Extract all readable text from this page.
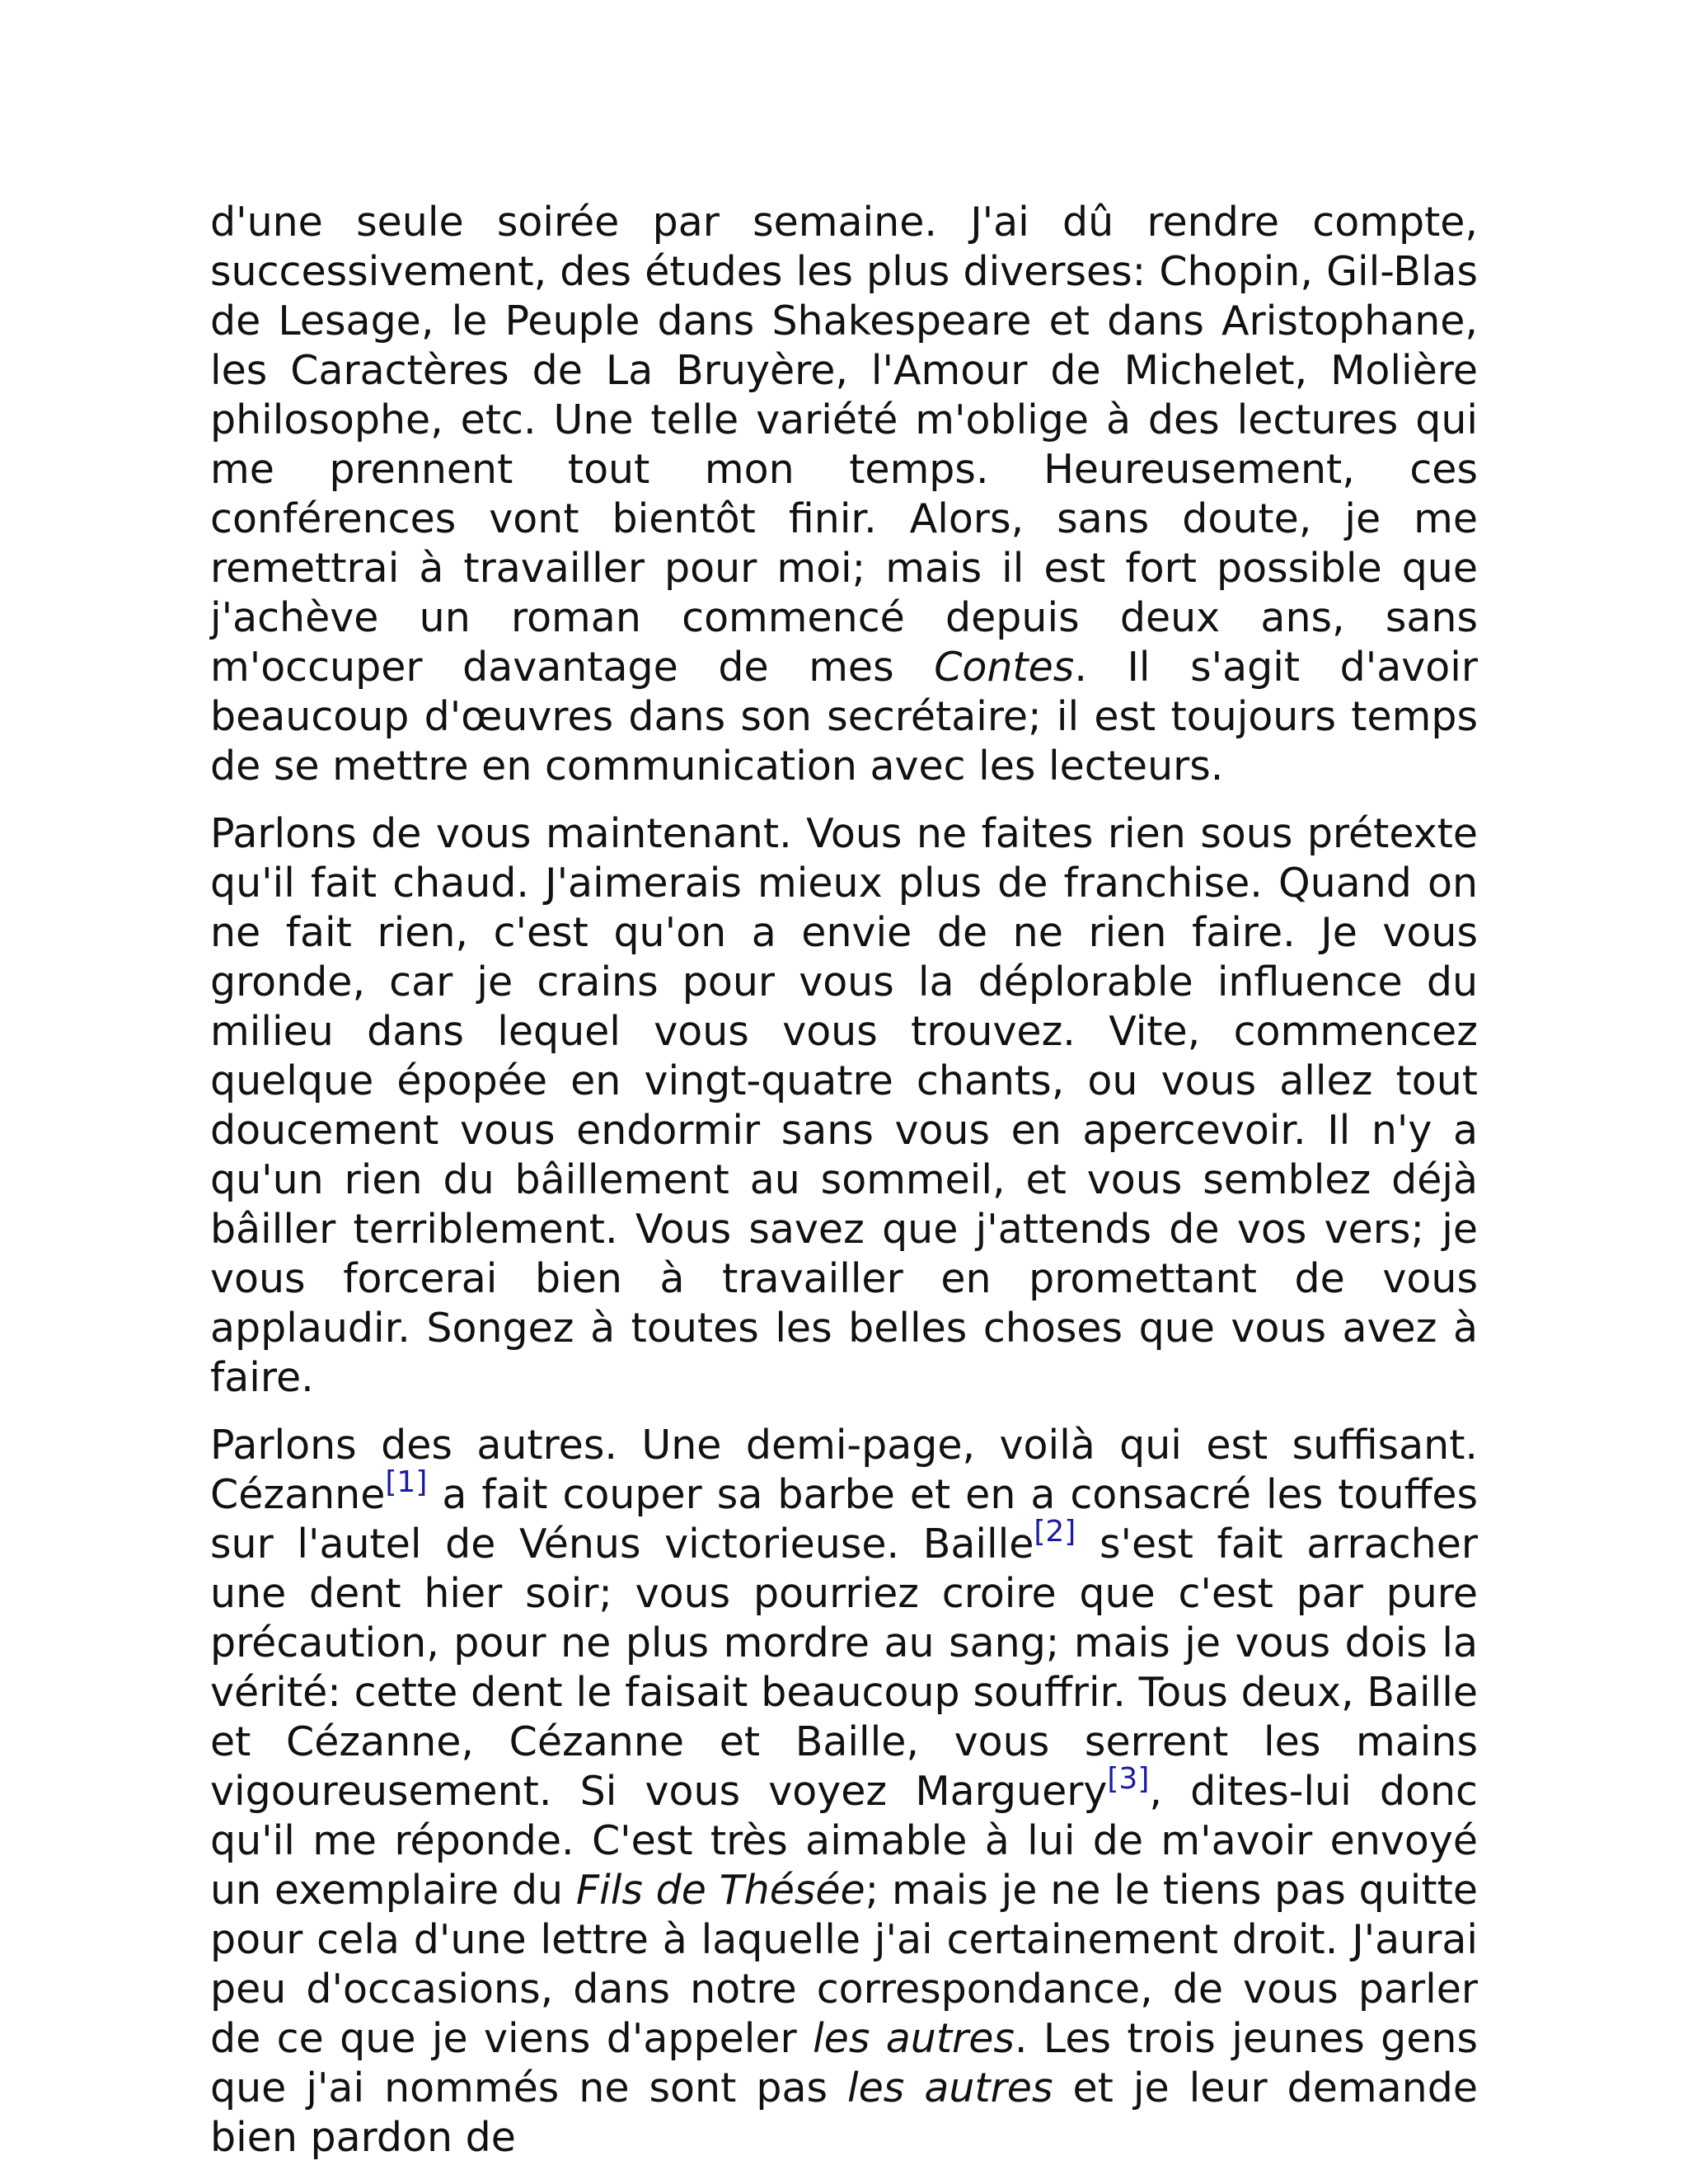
d'une seule soirée par semaine. J'ai dû rendre compte, successivement, des études les plus diverses: Chopin, Gil-Blas de Lesage, le Peuple dans Shakespeare et dans Aristophane, les Caractères de La Bruyère, l'Amour de Michelet, Molière philosophe, etc. Une telle variété m'oblige à des lectures qui me prennent tout mon temps. Heureusement, ces conférences vont bientôt finir. Alors, sans doute, je me remettrai à travailler pour moi; mais il est fort possible que j'achève un roman commencé depuis deux ans, sans m'occuper davantage de mes Contes. Il s'agit d'avoir beaucoup d'œuvres dans son secrétaire; il est toujours temps de se mettre en communication avec les lecteurs.

Parlons de vous maintenant. Vous ne faites rien sous prétexte qu'il fait chaud. J'aimerais mieux plus de franchise. Quand on ne fait rien, c'est qu'on a envie de ne rien faire. Je vous gronde, car je crains pour vous la déplorable influence du milieu dans lequel vous vous trouvez. Vite, commencez quelque épopée en vingt-quatre chants, ou vous allez tout doucement vous endormir sans vous en apercevoir. Il n'y a qu'un rien du bâillement au sommeil, et vous semblez déjà bâiller terriblement. Vous savez que j'attends de vos vers; je vous forcerai bien à travailler en promettant de vous applaudir. Songez à toutes les belles choses que vous avez à faire.

Parlons des autres. Une demi-page, voilà qui est suffisant. Cézanne[1] a fait couper sa barbe et en a consacré les touffes sur l'autel de Vénus victorieuse. Baille[2] s'est fait arracher une dent hier soir; vous pourriez croire que c'est par pure précaution, pour ne plus mordre au sang; mais je vous dois la vérité: cette dent le faisait beaucoup souffrir. Tous deux, Baille et Cézanne, Cézanne et Baille, vous serrent les mains vigoureusement. Si vous voyez Marguery[3], dites-lui donc qu'il me réponde. C'est très aimable à lui de m'avoir envoyé un exemplaire du Fils de Thésée; mais je ne le tiens pas quitte pour cela d'une lettre à laquelle j'ai certainement droit. J'aurai peu d'occasions, dans notre correspondance, de vous parler de ce que je viens d'appeler les autres. Les trois jeunes gens que j'ai nommés ne sont pas les autres et je leur demande bien pardon de
